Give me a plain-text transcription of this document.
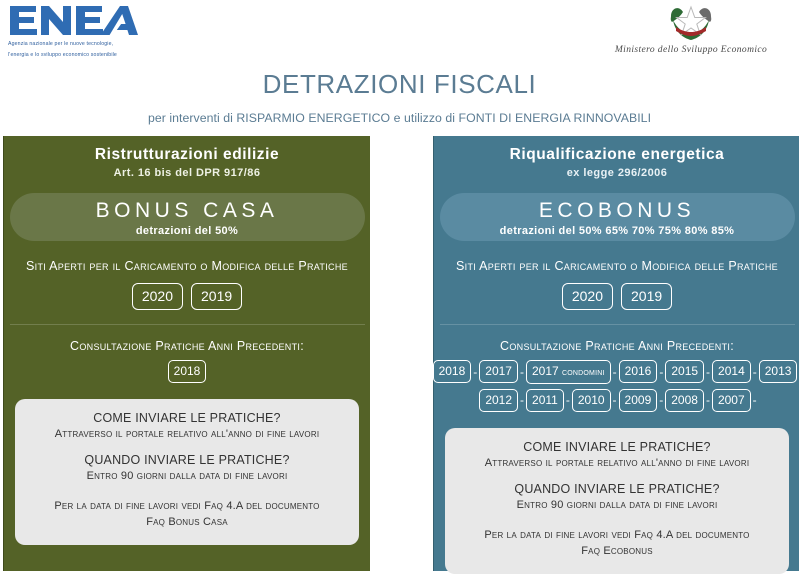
Agenzia nazionale per le nuove tecnologie,
l'energia e lo sviluppo economico sostenibile
Ministero dello Sviluppo Economico
DETRAZIONI FISCALI
per interventi di RISPARMIO ENERGETICO e utilizzo di FONTI DI ENERGIA RINNOVABILI
Ristrutturazioni edilizie
Art. 16 bis del DPR 917/86
BONUS CASA
detrazioni del 50%
Siti Aperti per il Caricamento o Modifica delle Pratiche
2020	2019
Consultazione Pratiche Anni Precedenti:
2018
COME INVIARE LE PRATICHE?
Attraverso il portale relativo all'anno di fine lavori
QUANDO INVIARE LE PRATICHE?
Entro 90 giorni dalla data di fine lavori
Per la data di fine lavori vedi Faq 4.A del documento
Faq Bonus Casa
Riqualificazione energetica
ex legge 296/2006
ECOBONUS
detrazioni del 50% 65% 70% 75% 80% 85%
Siti Aperti per il Caricamento o Modifica delle Pratiche
2020	2019
Consultazione Pratiche Anni Precedenti:
2018 - 2017 - 2017 condomini - 2016 - 2015 - 2014 - 2013
2012 - 2011 - 2010 - 2009 - 2008 - 2007 -
COME INVIARE LE PRATICHE?
Attraverso il portale relativo all'anno di fine lavori
QUANDO INVIARE LE PRATICHE?
Entro 90 giorni dalla data di fine lavori
Per la data di fine lavori vedi Faq 4.A del documento
Faq Ecobonus
